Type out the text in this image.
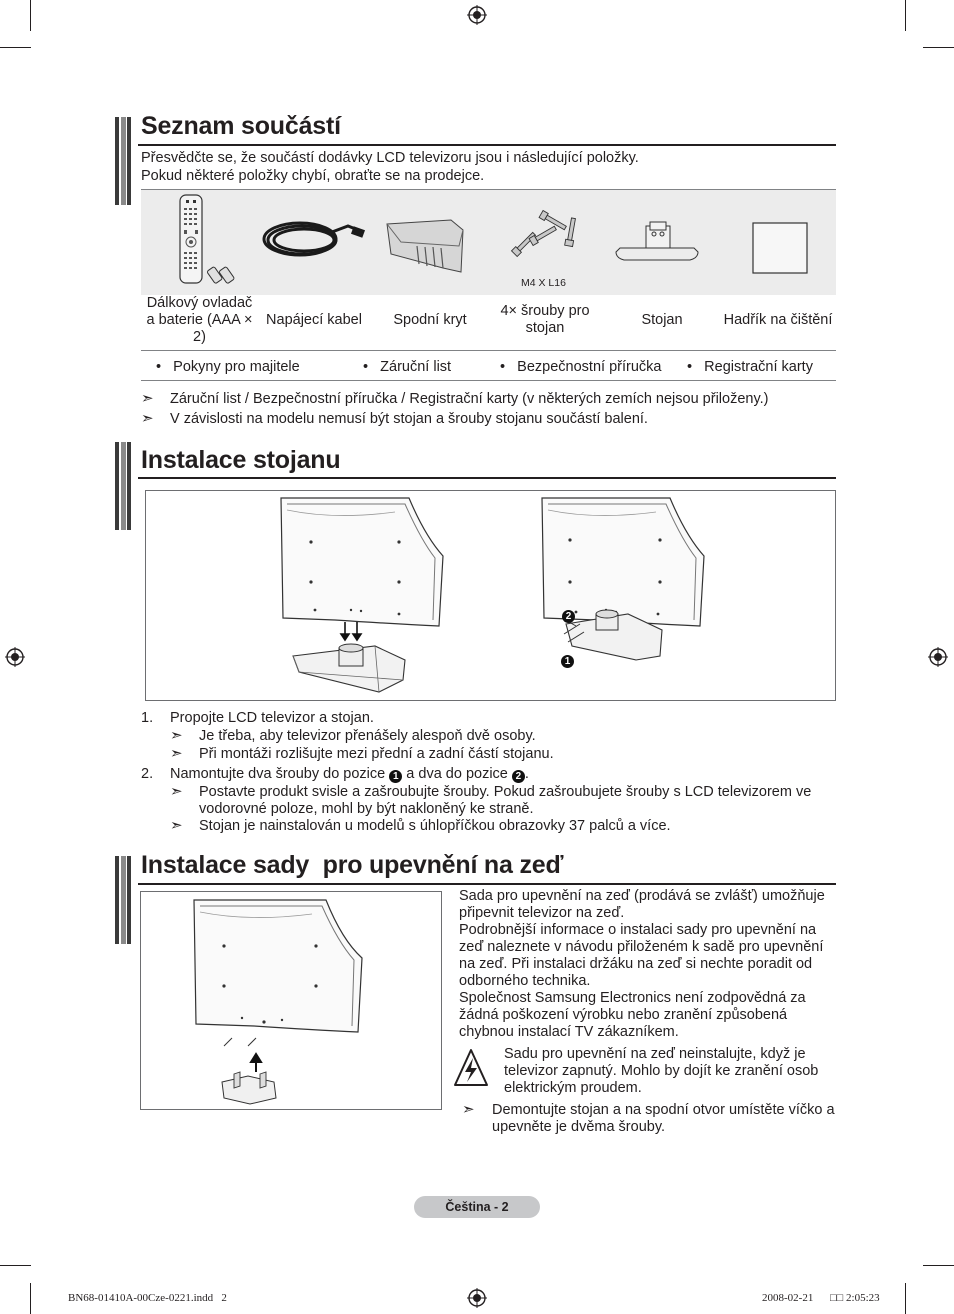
Seznam součástí
Přesvědčte se, že součástí dodávky LCD televizoru jsou i následující položky.
Pokud některé položky chybí, obraťte se na prodejce.
M4 X L16
Dálkový ovladač a baterie (AAA × 2)
Napájecí kabel	Spodní kryt
4× šrouby pro stojan	Stojan	Hadřík na čištění
•   Pokyny pro majitele	•   Záruční list	•   Bezpečnostní příručka •   Registrační karty
➣ Záruční list / Bezpečnostní příručka / Registrační karty (v některých zemích nejsou přiloženy.)
➣ V závislosti na modelu nemusí být stojan a šrouby stojanu součástí balení.
Instalace stojanu
2
1
1. Propojte LCD televizor a stojan.
➣ Je třeba, aby televizor přenášely alespoň dvě osoby.
➣ Při montáži rozlišujte mezi přední a zadní částí stojanu.
2. Namontujte dva šrouby do pozice 1 a dva do pozice 2 .
➣ Postavte produkt svisle a zašroubujte šrouby. Pokud zašroubujete šrouby s LCD televizorem ve vodorovné poloze, mohl by být nakloněný ke straně.
➣ Stojan je nainstalován u modelů s úhlopříčkou obrazovky 37 palců a více.
Instalace sady  pro upevnění na zeď
Sada pro upevnění na zeď (prodává se zvlášť) umožňuje připevnit televizor na zeď.
Podrobnější informace o instalaci sady pro upevnění na zeď naleznete v návodu přiloženém k sadě pro upevnění na zeď. Při instalaci držáku na zeď si nechte poradit od odborného technika.
Společnost Samsung Electronics není zodpovědná za žádná poškození výrobku nebo zranění způsobená chybnou instalací TV zákazníkem.
Sadu pro upevnění na zeď neinstalujte, když je televizor zapnutý. Mohlo by dojít ke zranění osob elektrickým proudem.
➣ Demontujte stojan a na spodní otvor umístěte víčko a upevněte je dvěma šrouby.
Čeština - 2
BN68-01410A-00Cze-0221.indd   2	2008-02-21 □□ 2:05:23
